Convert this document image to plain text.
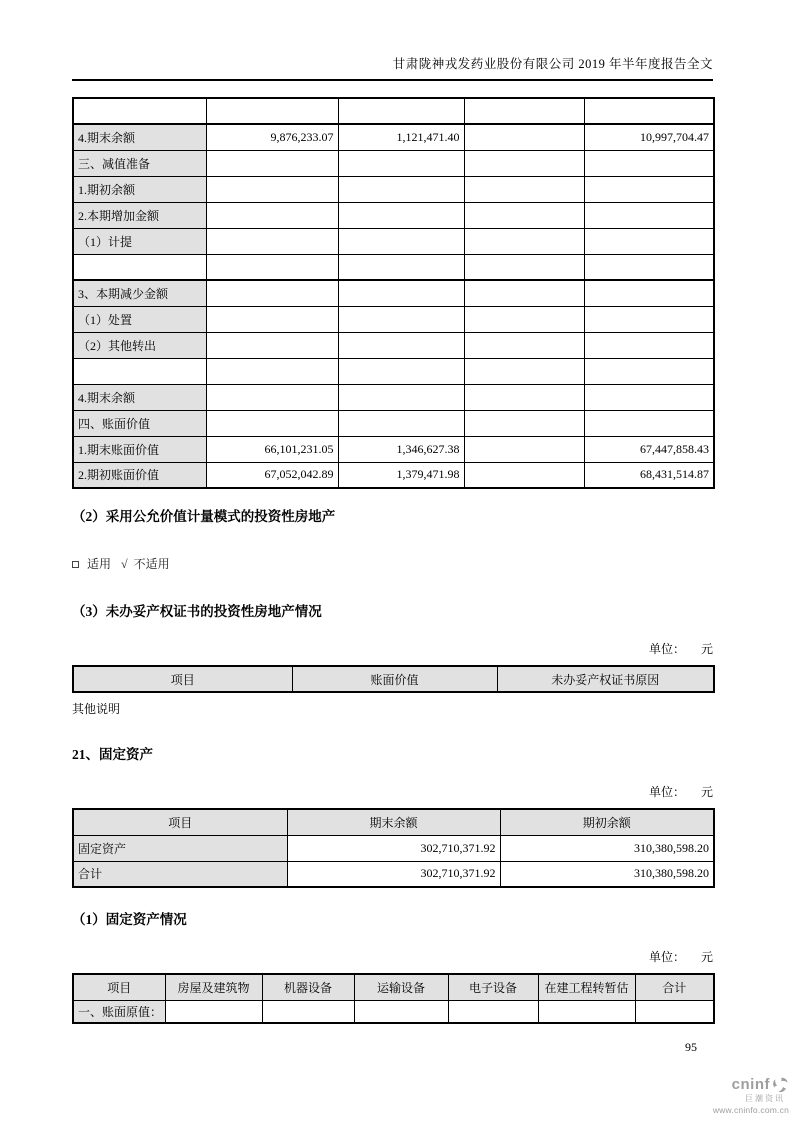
甘肃陇神戎发药业股份有限公司 2019 年半年度报告全文

4.期末余额	9,876,233.07	1,121,471.40		10,997,704.47
三、减值准备				
1.期初余额				
2.本期增加金额				
（1）计提				

3、本期减少金额				
（1）处置				
（2）其他转出				

4.期末余额				
四、账面价值				
1.期末账面价值	66,101,231.05	1,346,627.38		67,447,858.43
2.期初账面价值	67,052,042.89	1,379,471.98		68,431,514.87
（2）采用公允价值计量模式的投资性房地产
适用 √ 不适用
（3）未办妥产权证书的投资性房地产情况
单位： 元
项目	账面价值	未办妥产权证书原因
其他说明
21、固定资产
单位： 元
项目	期末余额	期初余额
固定资产	302,710,371.92	310,380,598.20
合计	302,710,371.92	310,380,598.20
（1）固定资产情况
单位： 元
项目	房屋及建筑物	机器设备	运输设备	电子设备	在建工程转暂估	合计
一、账面原值：						
95
cninf
巨潮资讯
www.cninfo.com.cn
